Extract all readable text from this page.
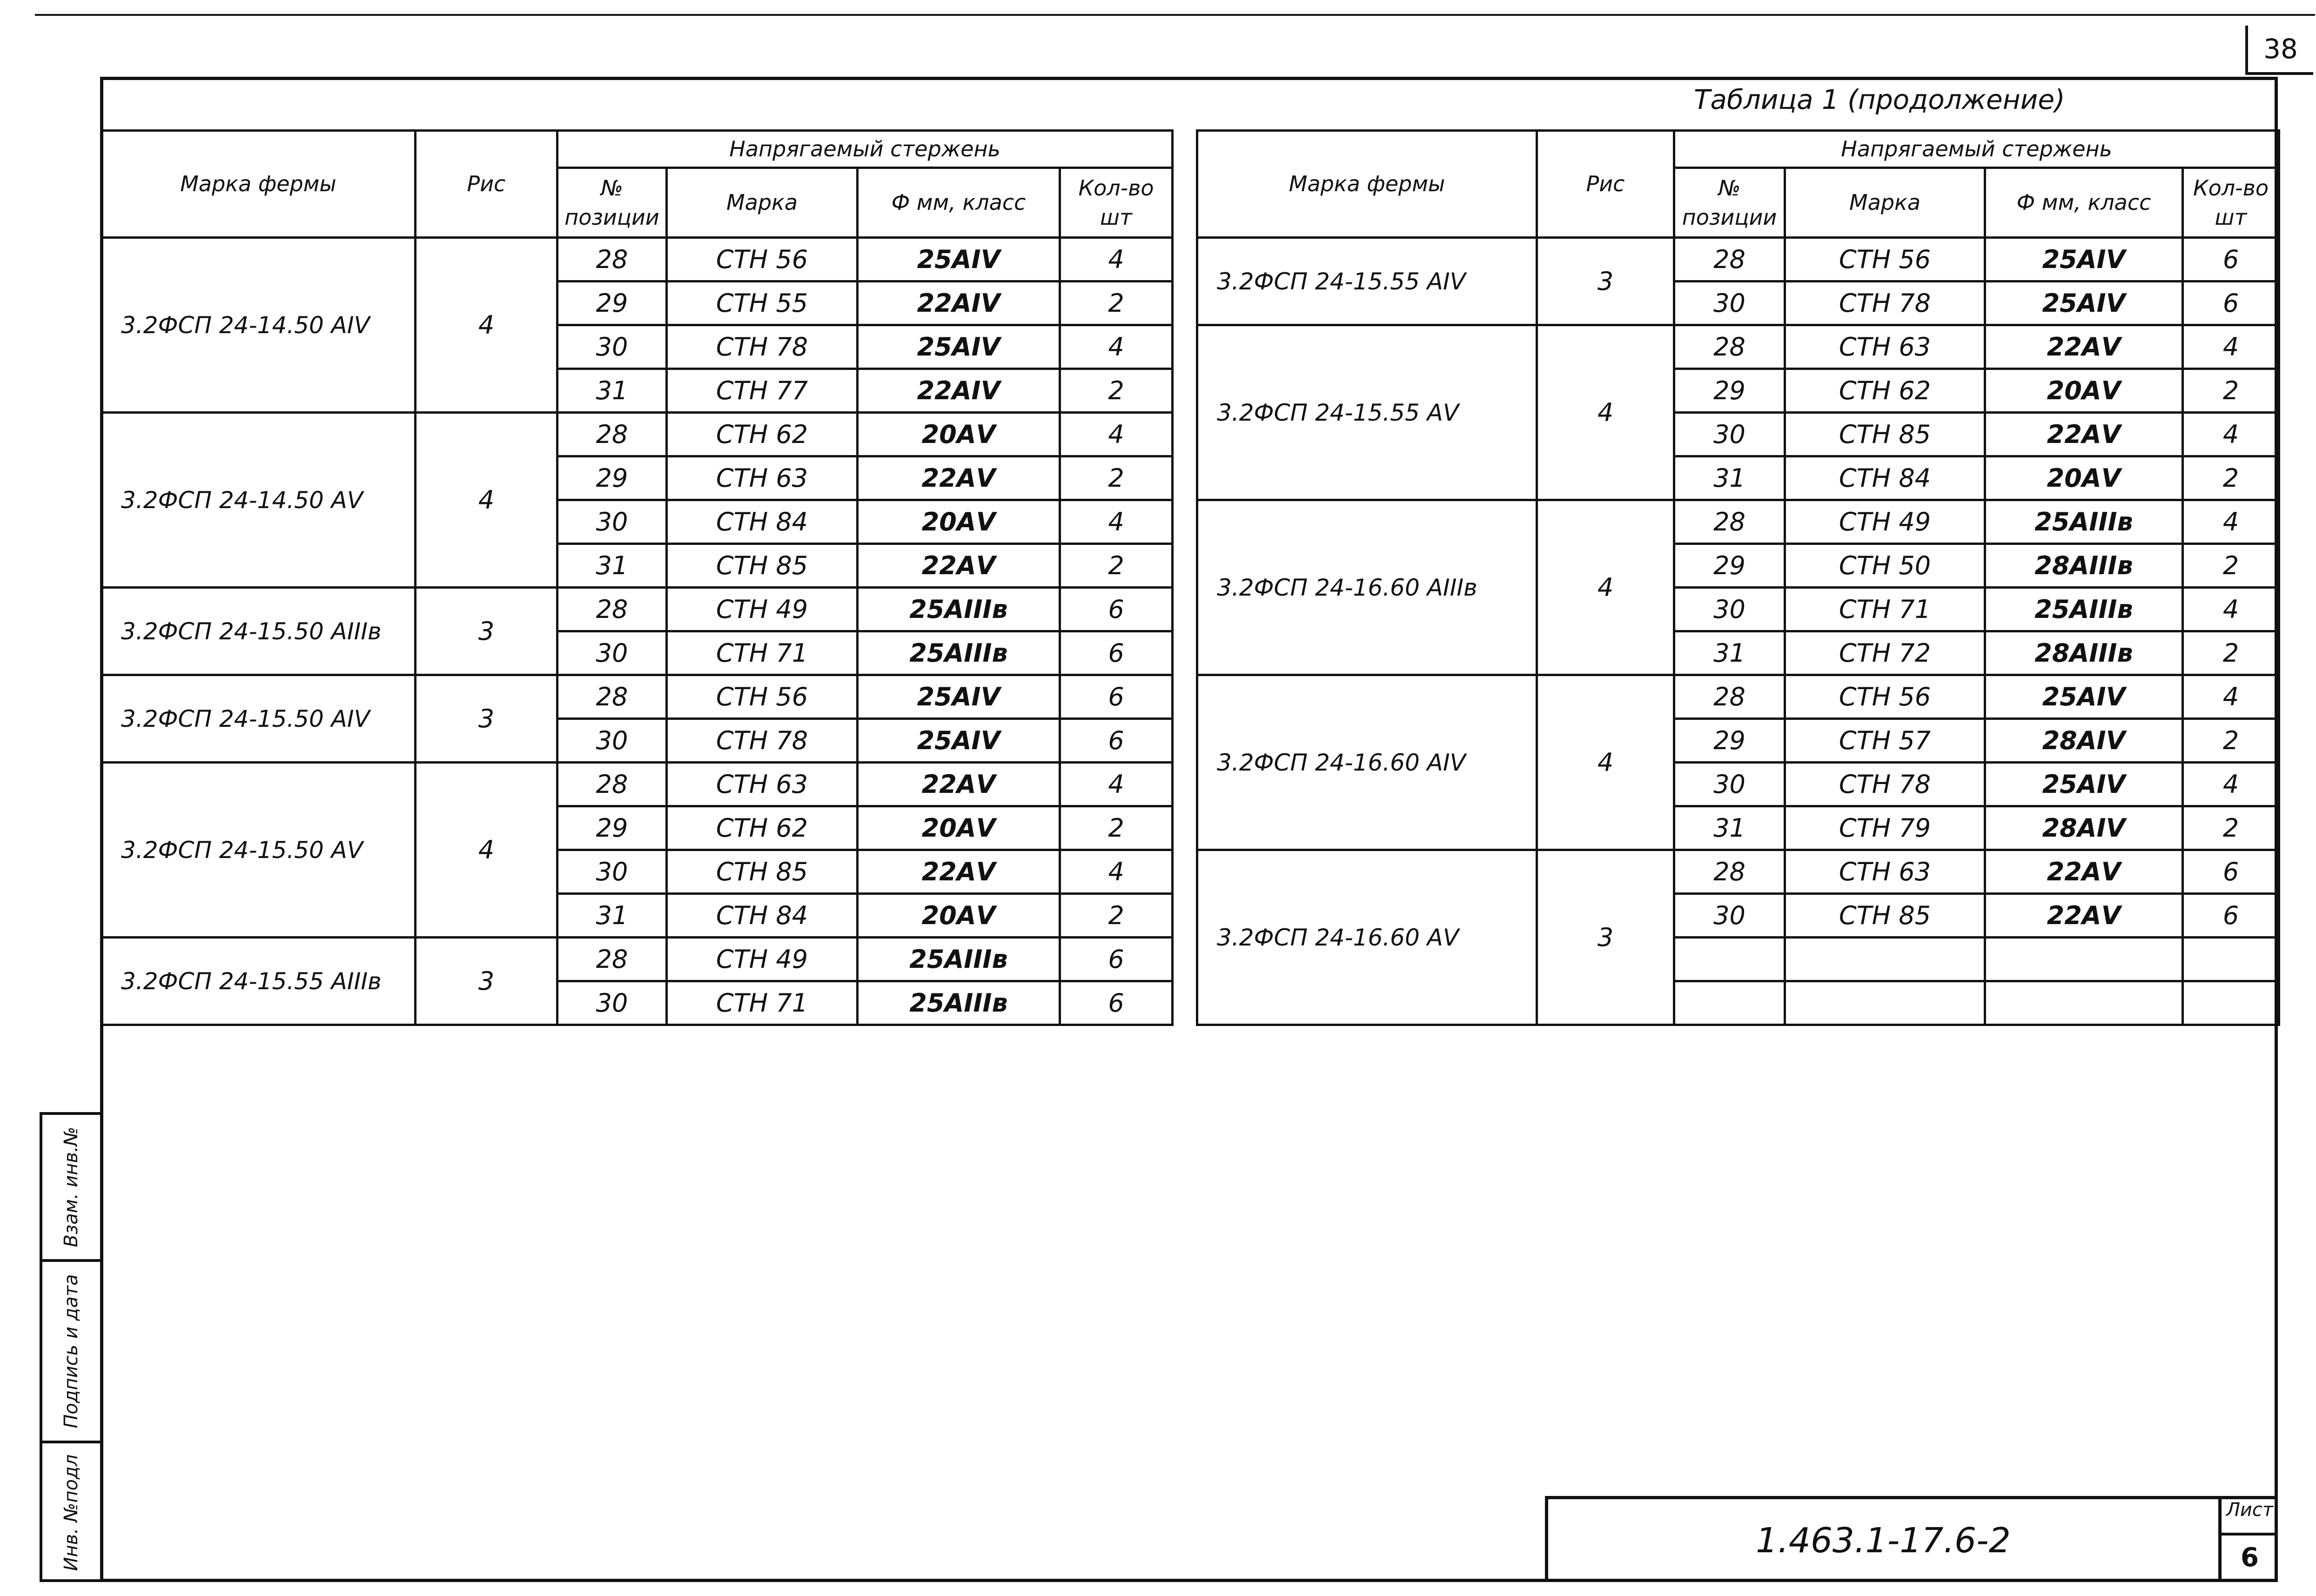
38
Таблица 1 (продолжение)
Марка фермы	Рис	Напрягаемый стержень			
		№ позиции	Марка	Ф мм, класс	Кол-во шт
3.2ФСП 24-14.50 АIV	4	28	СТН 56	25АIV	4
		29	СТН 55	22АIV	2
		30	СТН 78	25АIV	4
		31	СТН 77	22АIV	2
3.2ФСП 24-14.50 АV	4	28	СТН 62	20АV	4
		29	СТН 63	22АV	2
		30	СТН 84	20АV	4
		31	СТН 85	22АV	2
3.2ФСП 24-15.50 АIIIв	3	28	СТН 49	25АIIIв	6
		30	СТН 71	25АIIIв	6
3.2ФСП 24-15.50 АIV	3	28	СТН 56	25АIV	6
		30	СТН 78	25АIV	6
3.2ФСП 24-15.50 АV	4	28	СТН 63	22АV	4
		29	СТН 62	20АV	2
		30	СТН 85	22АV	4
		31	СТН 84	20АV	2
3.2ФСП 24-15.55 АIIIв	3	28	СТН 49	25АIIIв	6
		30	СТН 71	25АIIIв	6
Марка фермы	Рис	Напрягаемый стержень			
		№ позиции	Марка	Ф мм, класс	Кол-во шт
3.2ФСП 24-15.55 АIV	3	28	СТН 56	25АIV	6
		30	СТН 78	25АIV	6
3.2ФСП 24-15.55 АV	4	28	СТН 63	22АV	4
		29	СТН 62	20АV	2
		30	СТН 85	22АV	4
		31	СТН 84	20АV	2
3.2ФСП 24-16.60 АIIIв	4	28	СТН 49	25АIIIв	4
		29	СТН 50	28АIIIв	2
		30	СТН 71	25АIIIв	4
		31	СТН 72	28АIIIв	2
3.2ФСП 24-16.60 АIV	4	28	СТН 56	25АIV	4
		29	СТН 57	28АIV	2
		30	СТН 78	25АIV	4
		31	СТН 79	28АIV	2
3.2ФСП 24-16.60 АV	3	28	СТН 63	22АV	6
		30	СТН 85	22АV	6

Взам. инв.№
Подпись и дата
Инв. №подл	1.463.1-17.6-2
Лист
6
